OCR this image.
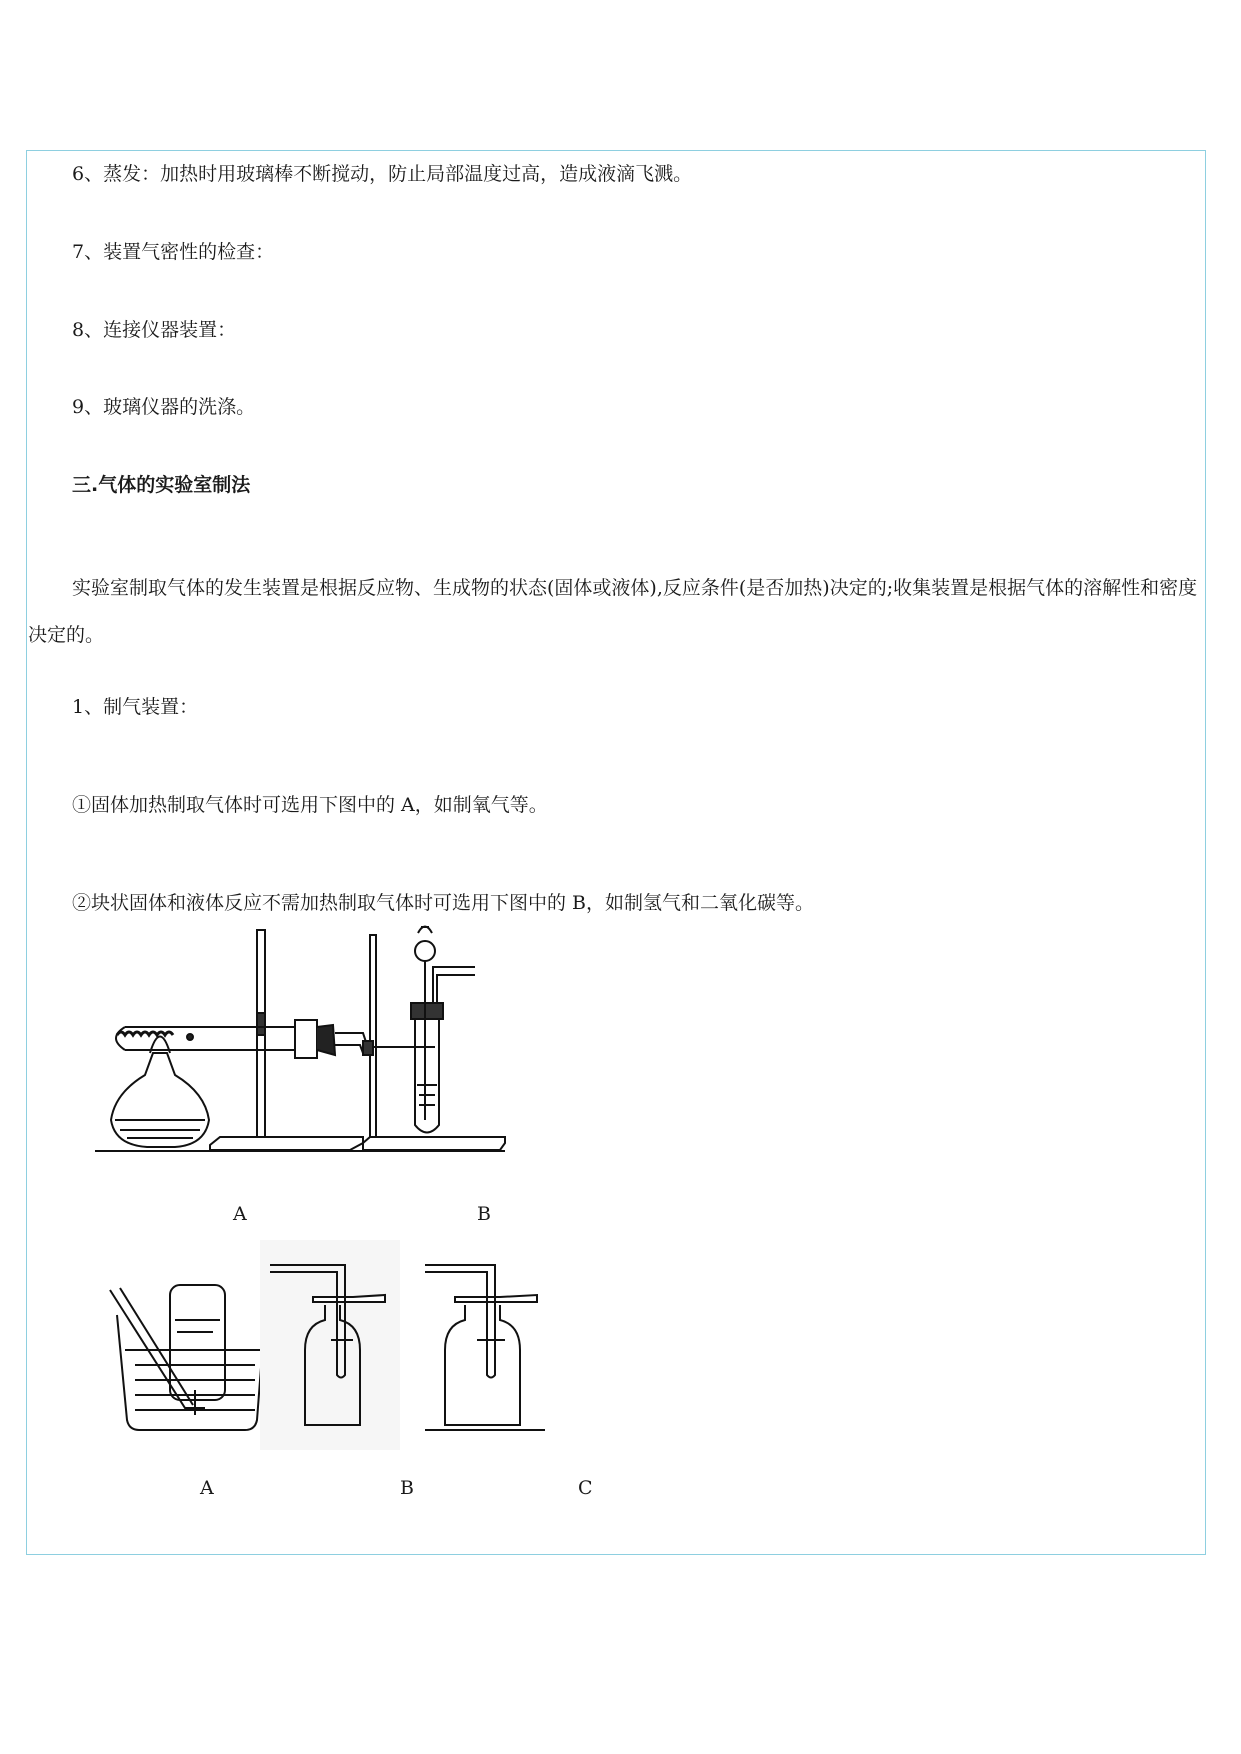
6、蒸发：加热时用玻璃棒不断搅动，防止局部温度过高，造成液滴飞溅。
7、装置气密性的检查：
8、连接仪器装置：
9、玻璃仪器的洗涤。
三.气体的实验室制法
实验室制取气体的发生装置是根据反应物、生成物的状态(固体或液体),反应条件(是否加热)决定的;收集装置是根据气体的溶解性和密度决定的。
1、制气装置：
①固体加热制取气体时可选用下图中的 A，如制氧气等。
②块状固体和液体反应不需加热制取气体时可选用下图中的 B，如制氢气和二氧化碳等。
A	B
A	B	C
